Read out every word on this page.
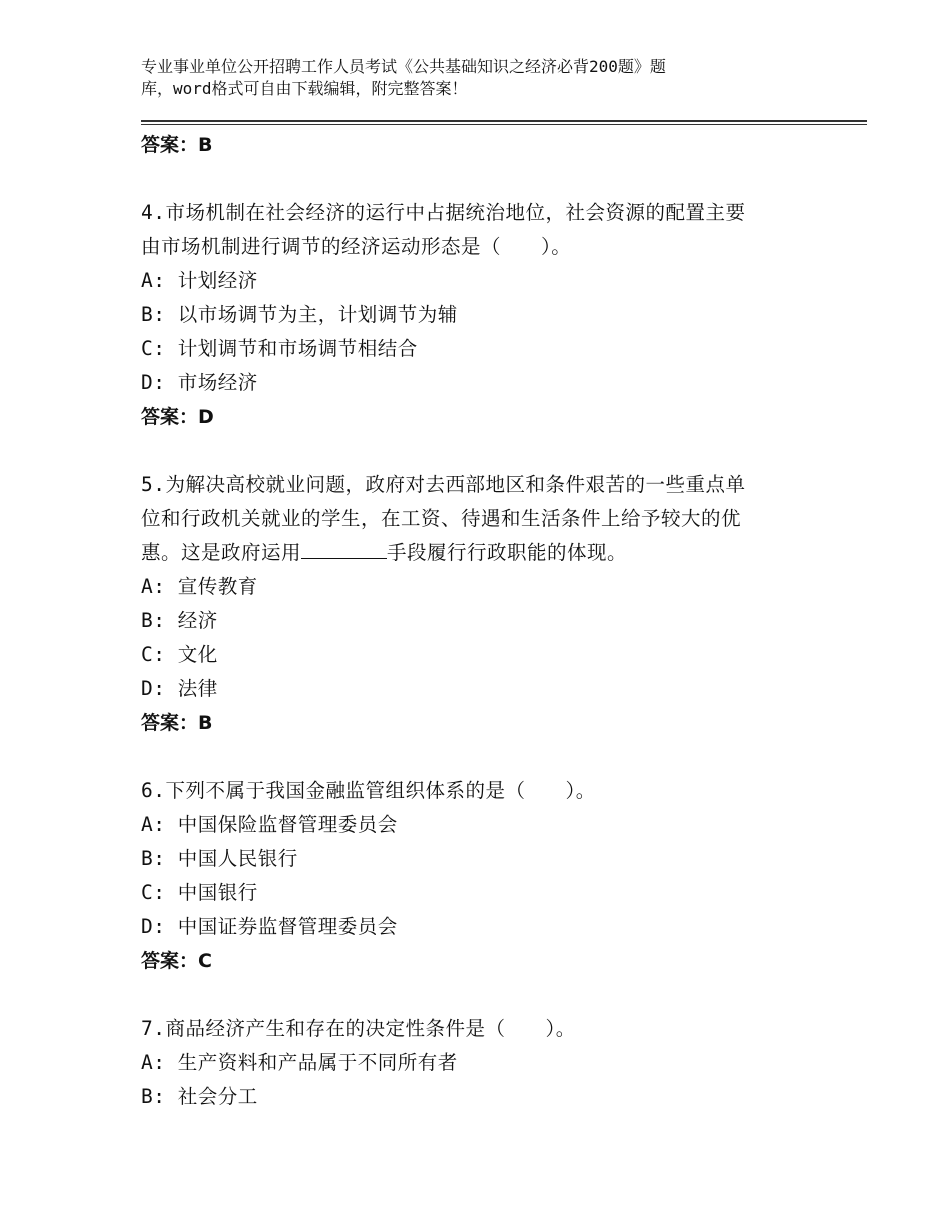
专业事业单位公开招聘工作人员考试《公共基础知识之经济必背200题》题
库，word格式可自由下载编辑，附完整答案！
答案：B
4.市场机制在社会经济的运行中占据统治地位，社会资源的配置主要
由市场机制进行调节的经济运动形态是（　　）。
A: 计划经济
B: 以市场调节为主，计划调节为辅
C: 计划调节和市场调节相结合
D: 市场经济
答案：D
5.为解决高校就业问题，政府对去西部地区和条件艰苦的一些重点单
位和行政机关就业的学生，在工资、待遇和生活条件上给予较大的优
惠。这是政府运用	手段履行行政职能的体现。
A: 宣传教育
B: 经济
C: 文化
D: 法律
答案：B
6.下列不属于我国金融监管组织体系的是（　　）。
A: 中国保险监督管理委员会
B: 中国人民银行
C: 中国银行
D: 中国证券监督管理委员会
答案：C
7.商品经济产生和存在的决定性条件是（　　）。
A: 生产资料和产品属于不同所有者
B: 社会分工
